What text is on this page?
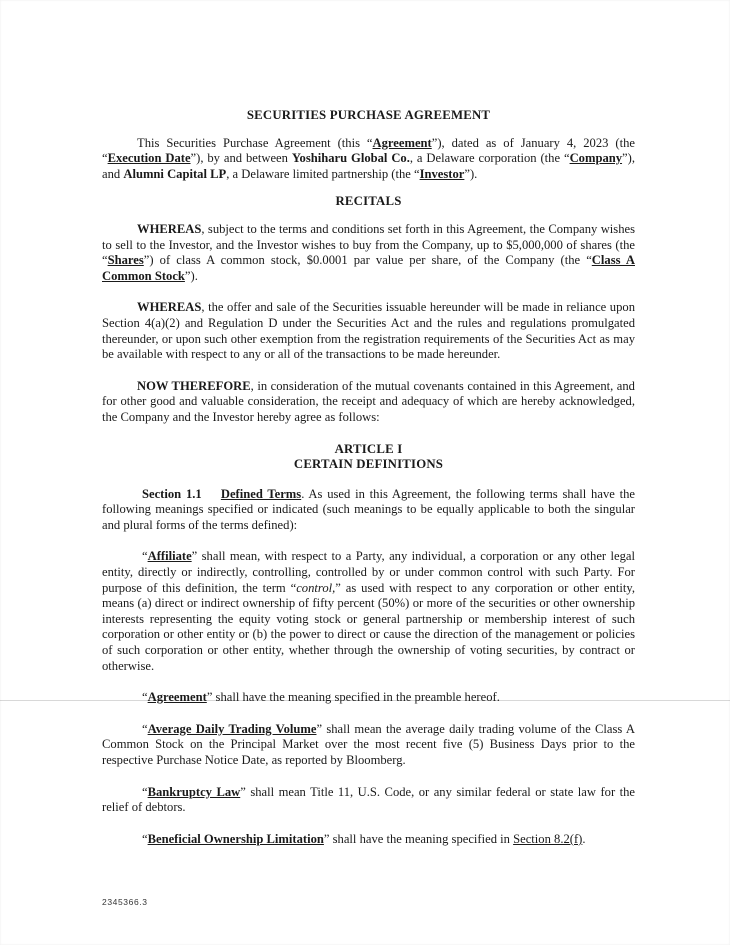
SECURITIES PURCHASE AGREEMENT

This Securities Purchase Agreement (this “Agreement”), dated as of January 4, 2023 (the “Execution Date”), by and between Yoshiharu Global Co., a Delaware corporation (the “Company”), and Alumni Capital LP, a Delaware limited partnership (the “Investor”).

RECITALS

WHEREAS, subject to the terms and conditions set forth in this Agreement, the Company wishes to sell to the Investor, and the Investor wishes to buy from the Company, up to $5,000,000 of shares (the “Shares”) of class A common stock, $0.0001 par value per share, of the Company (the “Class A Common Stock”).

WHEREAS, the offer and sale of the Securities issuable hereunder will be made in reliance upon Section 4(a)(2) and Regulation D under the Securities Act and the rules and regulations promulgated thereunder, or upon such other exemption from the registration requirements of the Securities Act as may be available with respect to any or all of the transactions to be made hereunder.

NOW THEREFORE, in consideration of the mutual covenants contained in this Agreement, and for other good and valuable consideration, the receipt and adequacy of which are hereby acknowledged, the Company and the Investor hereby agree as follows:

ARTICLE I

CERTAIN DEFINITIONS

Section 1.1 Defined Terms. As used in this Agreement, the following terms shall have the following meanings specified or indicated (such meanings to be equally applicable to both the singular and plural forms of the terms defined):

“Affiliate” shall mean, with respect to a Party, any individual, a corporation or any other legal entity, directly or indirectly, controlling, controlled by or under common control with such Party. For purpose of this definition, the term “control,” as used with respect to any corporation or other entity, means (a) direct or indirect ownership of fifty percent (50%) or more of the securities or other ownership interests representing the equity voting stock or general partnership or membership interest of such corporation or other entity or (b) the power to direct or cause the direction of the management or policies of such corporation or other entity, whether through the ownership of voting securities, by contract or otherwise.

“Agreement” shall have the meaning specified in the preamble hereof.

“Average Daily Trading Volume” shall mean the average daily trading volume of the Class A Common Stock on the Principal Market over the most recent five (5) Business Days prior to the respective Purchase Notice Date, as reported by Bloomberg.

“Bankruptcy Law” shall mean Title 11, U.S. Code, or any similar federal or state law for the relief of debtors.

“Beneficial Ownership Limitation” shall have the meaning specified in Section 8.2(f).

2345366.3
